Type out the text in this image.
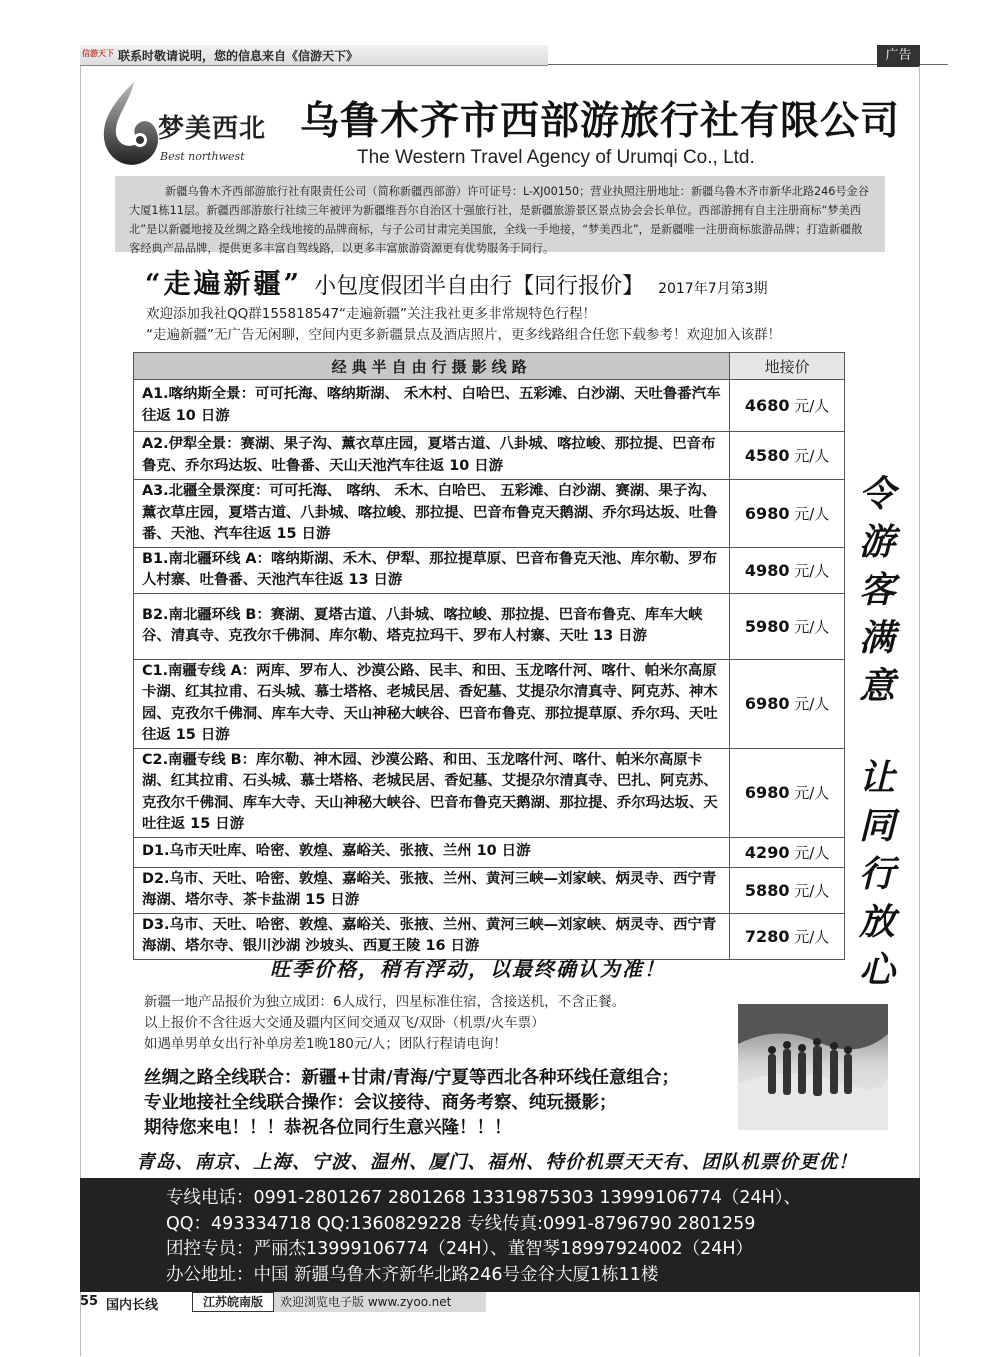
信游天下 联系时敬请说明，您的信息来自《信游天下》	广告
梦美西北
Best northwest
乌鲁木齐市西部游旅行社有限公司
The Western Travel Agency of Urumqi Co., Ltd.
新疆乌鲁木齐西部游旅行社有限责任公司（简称新疆西部游）许可证号：L-XJ00150；营业执照注册地址：新疆乌鲁木齐市新华北路246号金谷大厦1栋11层。新疆西部游旅行社续三年被评为新疆维吾尔自治区十强旅行社，是新疆旅游景区景点协会会长单位。西部游拥有自主注册商标“梦美西北”是以新疆地接及丝绸之路全线地接的品牌商标，与子公司甘肃完美国旅，全线一手地接，“梦美西北”，是新疆唯一注册商标旅游品牌；打造新疆散客经典产品品牌，提供更多丰富自驾线路，以更多丰富旅游资源更有优势服务于同行。
“走遍新疆” 小包度假团半自由行【同行报价】 2017年7月第3期
欢迎添加我社QQ群155818547“走遍新疆”关注我社更多非常规特色行程！
“走遍新疆”无广告无闲聊，空间内更多新疆景点及酒店照片，更多线路组合任您下载参考！欢迎加入该群！
经典半自由行摄影线路	地接价
A1.喀纳斯全景：可可托海、喀纳斯湖、 禾木村、白哈巴、五彩滩、白沙湖、天吐鲁番汽车往返 10 日游	4680 元/人
A2.伊犁全景：赛湖、果子沟、薰衣草庄园，夏塔古道、八卦城、喀拉峻、那拉提、巴音布鲁克、乔尔玛达坂、吐鲁番、天山天池汽车往返 10 日游	4580 元/人
A3.北疆全景深度：可可托海、 喀纳、 禾木、白哈巴、 五彩滩、白沙湖、赛湖、果子沟、薰衣草庄园，夏塔古道、八卦城、喀拉峻、那拉提、巴音布鲁克天鹅湖、乔尔玛达坂、吐鲁番、天池、汽车往返 15 日游	6980 元/人
B1.南北疆环线 A：喀纳斯湖、禾木、伊犁、那拉提草原、巴音布鲁克天池、库尔勒、罗布人村寨、吐鲁番、天池汽车往返 13 日游	4980 元/人
B2.南北疆环线 B：赛湖、夏塔古道、八卦城、喀拉峻、那拉提、巴音布鲁克、库车大峡谷、清真寺、克孜尔千佛洞、库尔勒、塔克拉玛干、罗布人村寨、天吐 13 日游	5980 元/人
C1.南疆专线 A：两库、罗布人、沙漠公路、民丰、和田、玉龙喀什河、喀什、帕米尔高原卡湖、红其拉甫、石头城、慕士塔格、老城民居、香妃墓、艾提尕尔清真寺、阿克苏、神木园、克孜尔千佛洞、库车大寺、天山神秘大峡谷、巴音布鲁克、那拉提草原、乔尔玛、天吐往返 15 日游	6980 元/人
C2.南疆专线 B：库尔勒、神木园、沙漠公路、和田、玉龙喀什河、喀什、帕米尔高原卡湖、红其拉甫、石头城、慕士塔格、老城民居、香妃墓、艾提尕尔清真寺、巴扎、阿克苏、克孜尔千佛洞、库车大寺、天山神秘大峡谷、巴音布鲁克天鹅湖、那拉提、乔尔玛达坂、天吐往返 15 日游	6980 元/人
D1.乌市天吐库、哈密、敦煌、嘉峪关、张掖、兰州 10 日游	4290 元/人
D2.乌市、天吐、哈密、敦煌、嘉峪关、张掖、兰州、黄河三峡—刘家峡、炳灵寺、西宁青海湖、塔尔寺、茶卡盐湖 15 日游	5880 元/人
D3.乌市、天吐、哈密、敦煌、嘉峪关、张掖、兰州、黄河三峡—刘家峡、炳灵寺、西宁青海湖、塔尔寺、银川沙湖 沙坡头、西夏王陵 16 日游	7280 元/人
令游客满意
让同行放心
旺季价格，稍有浮动，以最终确认为准！
新疆一地产品报价为独立成团：6人成行，四星标准住宿，含接送机，不含正餐。
以上报价不含往返大交通及疆内区间交通双飞/双卧（机票/火车票）
如遇单男单女出行补单房差1晚180元/人；团队行程请电询！
丝绸之路全线联合：新疆+甘肃/青海/宁夏等西北各种环线任意组合；
专业地接社全线联合操作：会议接待、商务考察、纯玩摄影；
期待您来电！！！恭祝各位同行生意兴隆！！！
青岛、南京、上海、宁波、温州、厦门、福州、特价机票天天有、团队机票价更优！
专线电话：0991-2801267 2801268 13319875303 13999106774（24H）、
QQ：493334718 QQ:1360829228 专线传真:0991-8796790 2801259
团控专员：严丽杰13999106774（24H）、董智琴18997924002（24H）
办公地址：中国 新疆乌鲁木齐新华北路246号金谷大厦1栋11楼
55 国内长线	江苏皖南版	欢迎浏览电子版 www.zyoo.net
